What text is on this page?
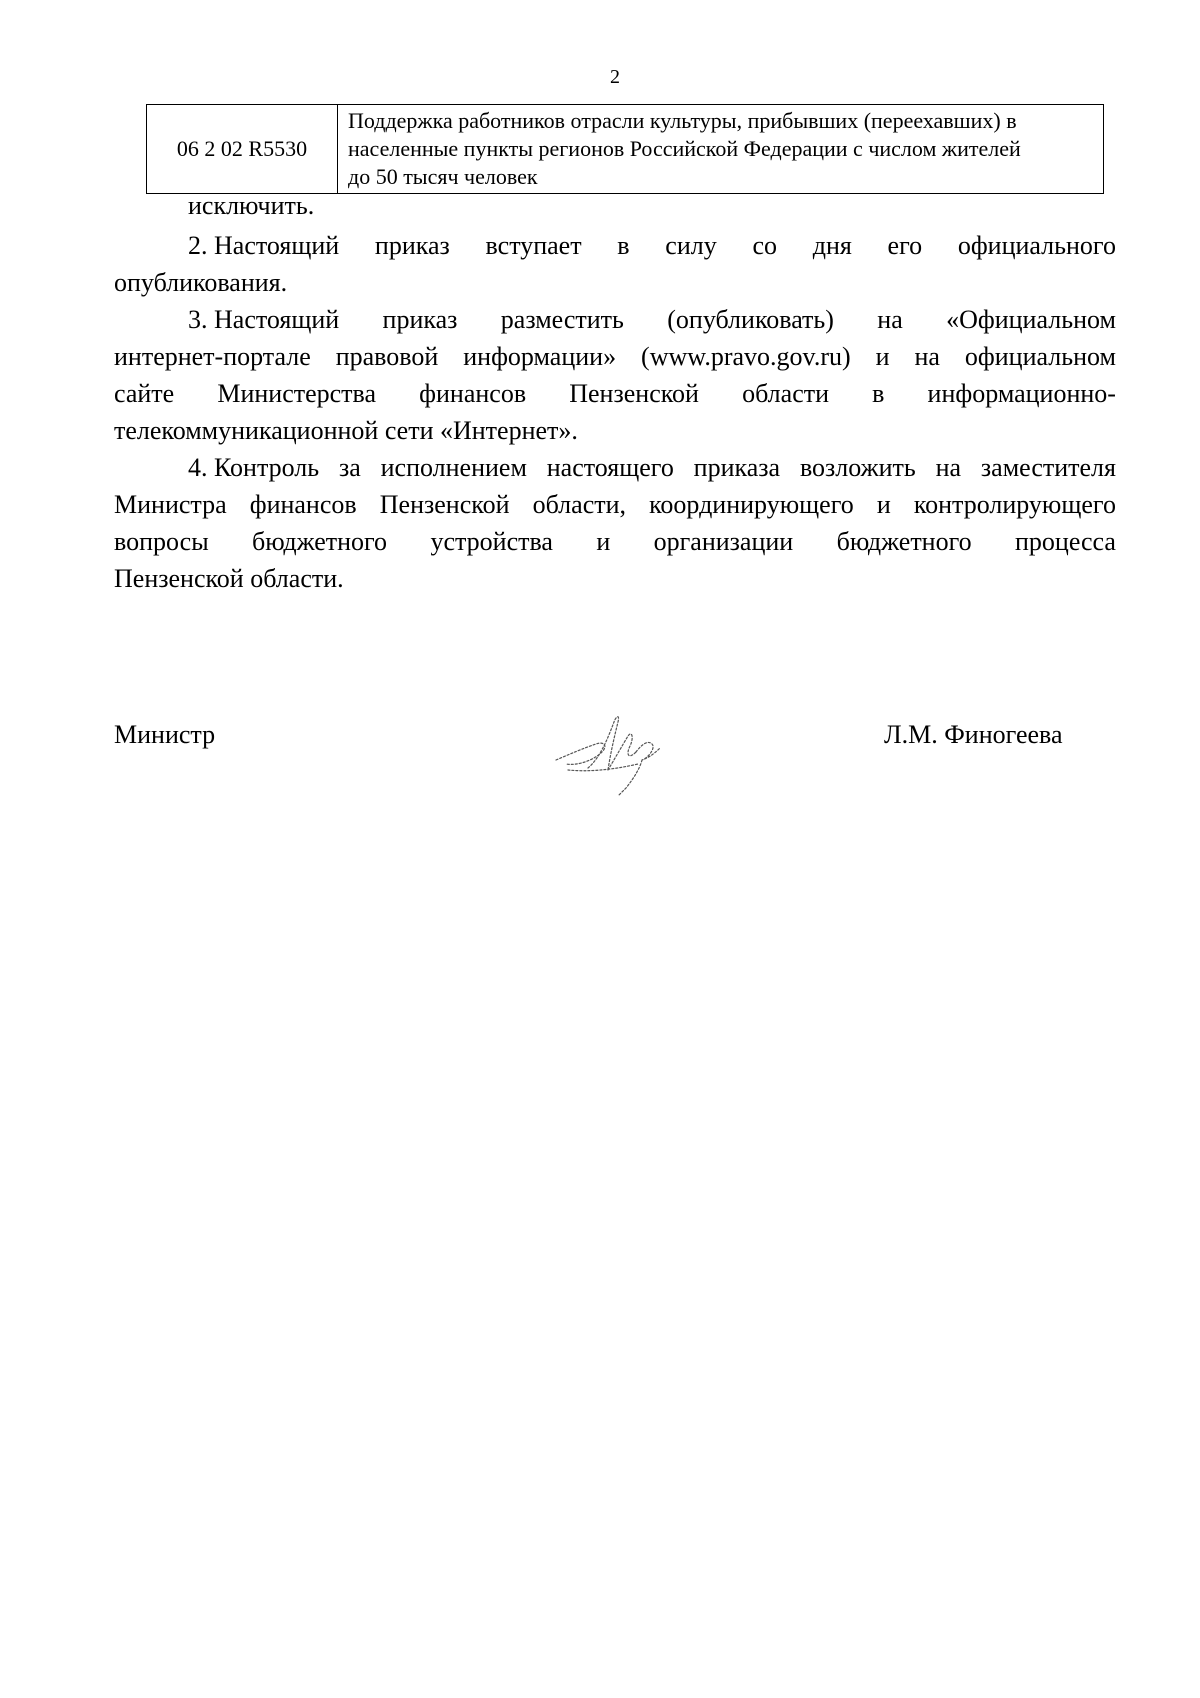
2
06 2 02 R5530	
Поддержка работников отрасли культуры, прибывших (переехавших) в
населенные пункты регионов Российской Федерации с числом жителей
до 50 тысяч человек
исключить.
2. Настоящий приказ вступает в силу со дня его официального
опубликования.
3. Настоящий приказ разместить (опубликовать) на «Официальном
интернет-портале правовой информации» (www.pravo.gov.ru) и на официальном
сайте Министерства финансов Пензенской области в информационно-
телекоммуникационной сети «Интернет».
4. Контроль за исполнением настоящего приказа возложить на заместителя
Министра финансов Пензенской области, координирующего и контролирующего
вопросы бюджетного устройства и организации бюджетного процесса
Пензенской области.
Министр	Л.М. Финогеева
